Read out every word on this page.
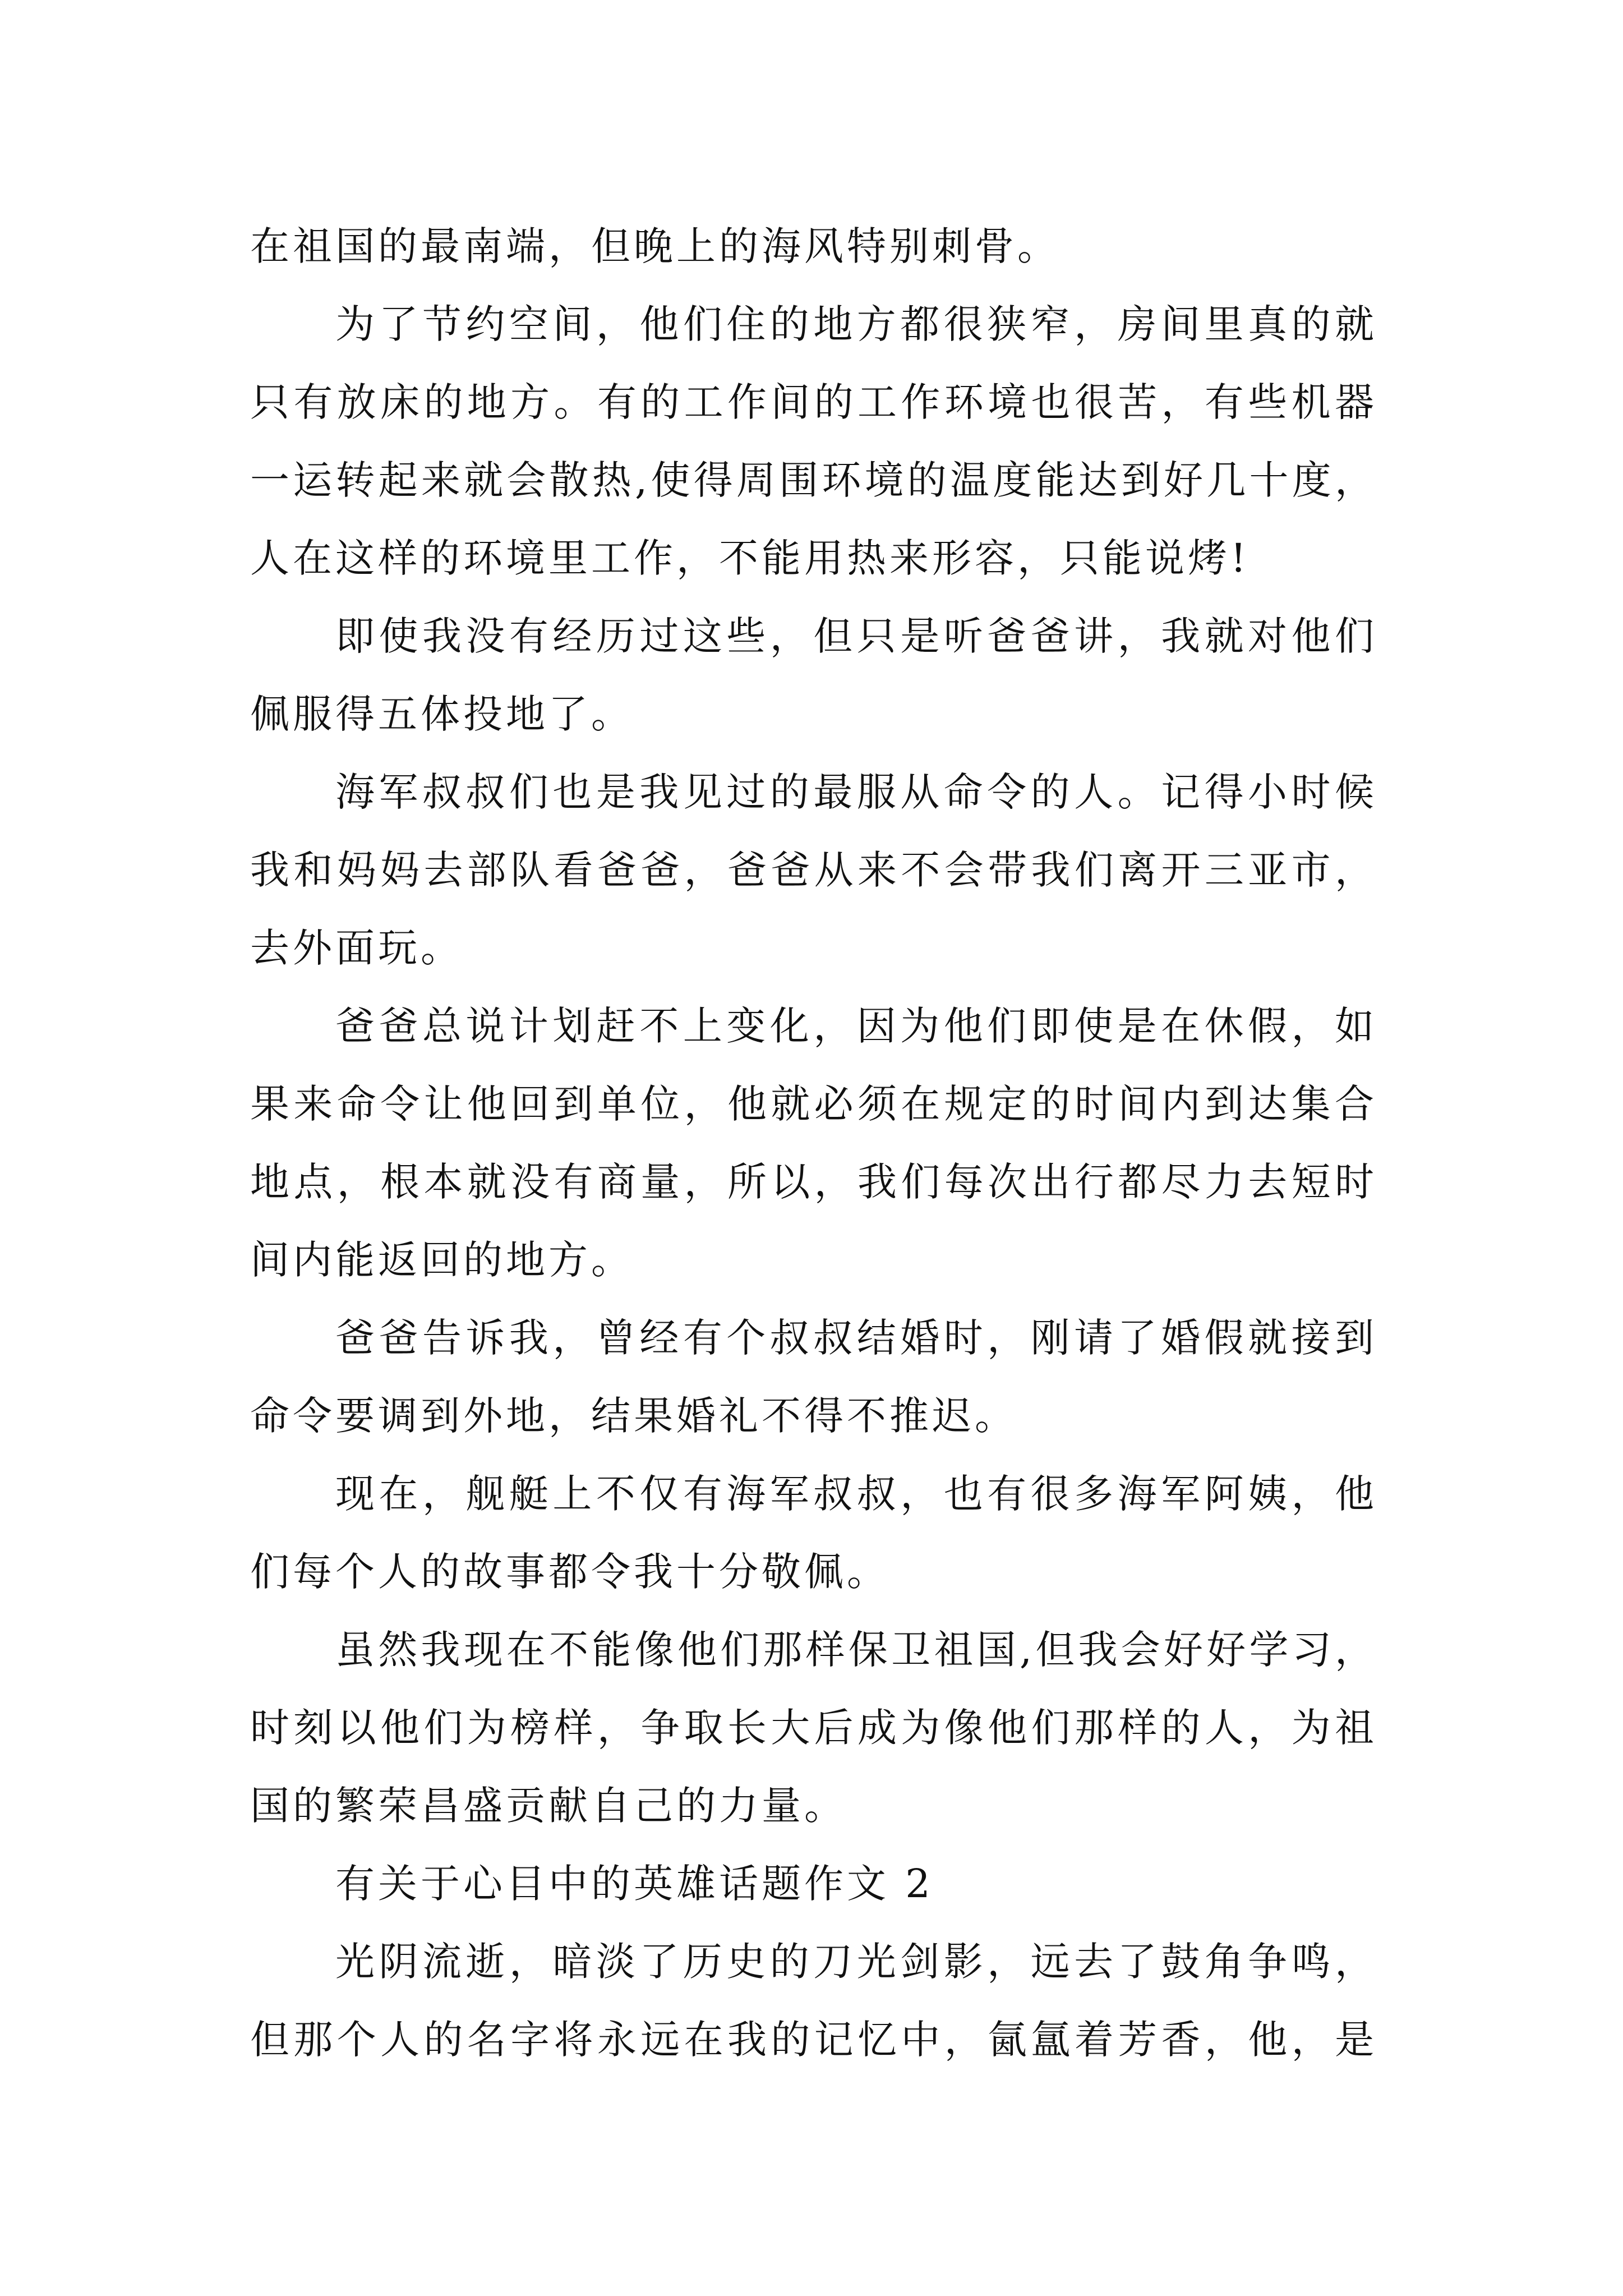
在祖国的最南端，但晚上的海风特别刺骨。

为了节约空间，他们住的地方都很狭窄，房间里真的就
只有放床的地方。有的工作间的工作环境也很苦，有些机器
一运转起来就会散热,使得周围环境的温度能达到好几十度，
人在这样的环境里工作，不能用热来形容，只能说烤!

即使我没有经历过这些，但只是听爸爸讲，我就对他们
佩服得五体投地了。

海军叔叔们也是我见过的最服从命令的人。记得小时候
我和妈妈去部队看爸爸，爸爸从来不会带我们离开三亚市，
去外面玩。

爸爸总说计划赶不上变化，因为他们即使是在休假，如
果来命令让他回到单位，他就必须在规定的时间内到达集合
地点，根本就没有商量，所以，我们每次出行都尽力去短时
间内能返回的地方。

爸爸告诉我，曾经有个叔叔结婚时，刚请了婚假就接到
命令要调到外地，结果婚礼不得不推迟。

现在，舰艇上不仅有海军叔叔，也有很多海军阿姨，他
们每个人的故事都令我十分敬佩。

虽然我现在不能像他们那样保卫祖国,但我会好好学习，
时刻以他们为榜样，争取长大后成为像他们那样的人，为祖
国的繁荣昌盛贡献自己的力量。

有关于心目中的英雄话题作文 2

光阴流逝，暗淡了历史的刀光剑影，远去了鼓角争鸣，
但那个人的名字将永远在我的记忆中，氤氲着芳香，他，是
